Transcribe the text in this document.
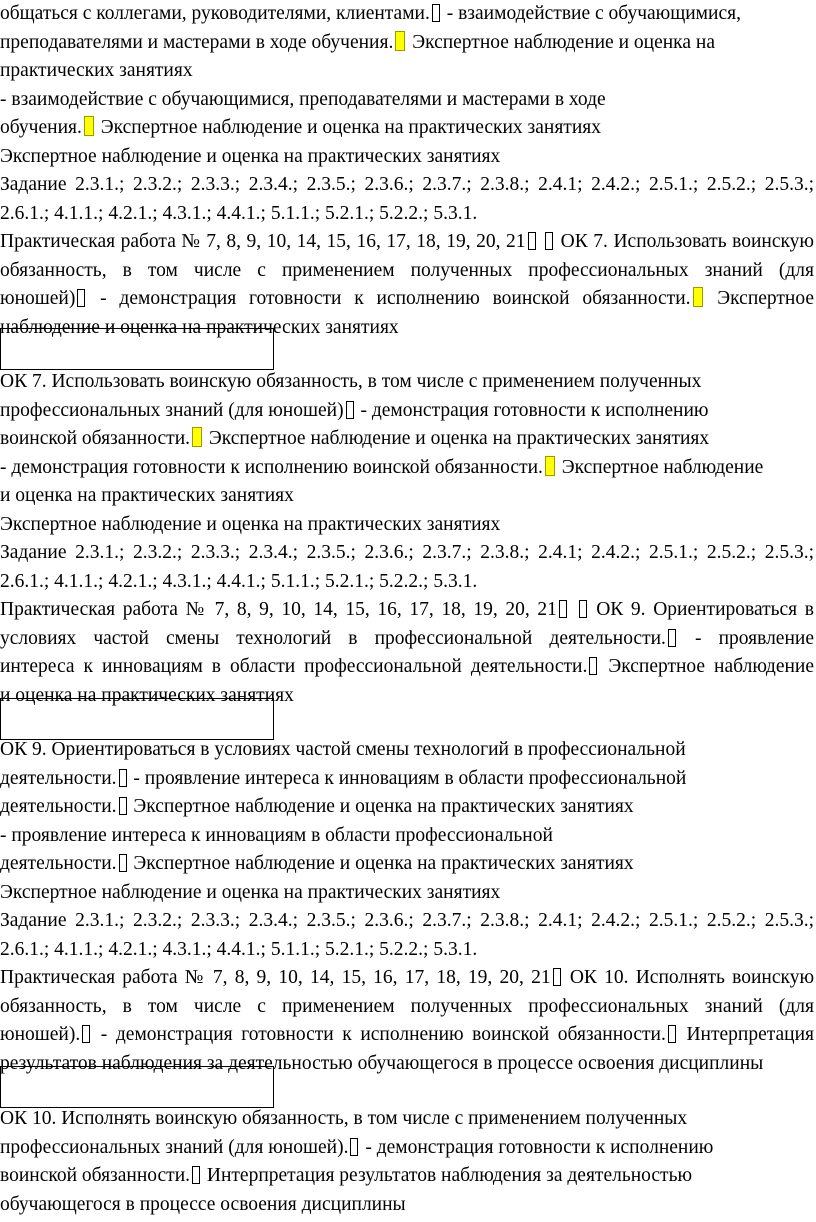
общаться с коллегами, руководителями, клиентами. - взаимодействие с обучающимися,
преподавателями и мастерами в ходе обучения. Экспертное наблюдение и оценка на
практических занятиях
- взаимодействие с обучающимися, преподавателями и мастерами в ходе
обучения. Экспертное наблюдение и оценка на практических занятиях
Экспертное наблюдение и оценка на практических занятиях
Задание 2.3.1.; 2.3.2.; 2.3.3.; 2.3.4.; 2.3.5.; 2.3.6.; 2.3.7.; 2.3.8.; 2.4.1; 2.4.2.; 2.5.1.; 2.5.2.; 2.5.3.;
2.6.1.; 4.1.1.; 4.2.1.; 4.3.1.; 4.4.1.; 5.1.1.; 5.2.1.; 5.2.2.; 5.3.1.
Практическая работа № 7, 8, 9, 10, 14, 15, 16, 17, 18, 19, 20, 21  ОК 7. Использовать воинскую
обязанность, в том числе с применением полученных профессиональных знаний (для
юношей) - демонстрация готовности к исполнению воинской обязанности. Экспертное
наблюдение и оценка на практических занятиях
ОК 7. Использовать воинскую обязанность, в том числе с применением полученных
профессиональных знаний (для юношей) - демонстрация готовности к исполнению
воинской обязанности. Экспертное наблюдение и оценка на практических занятиях
- демонстрация готовности к исполнению воинской обязанности. Экспертное наблюдение
и оценка на практических занятиях
Экспертное наблюдение и оценка на практических занятиях
Задание 2.3.1.; 2.3.2.; 2.3.3.; 2.3.4.; 2.3.5.; 2.3.6.; 2.3.7.; 2.3.8.; 2.4.1; 2.4.2.; 2.5.1.; 2.5.2.; 2.5.3.;
2.6.1.; 4.1.1.; 4.2.1.; 4.3.1.; 4.4.1.; 5.1.1.; 5.2.1.; 5.2.2.; 5.3.1.
Практическая работа № 7, 8, 9, 10, 14, 15, 16, 17, 18, 19, 20, 21  ОК 9. Ориентироваться в
условиях частой смены технологий в профессиональной деятельности. - проявление
интереса к инновациям в области профессиональной деятельности. Экспертное наблюдение
и оценка на практических занятиях
ОК 9. Ориентироваться в условиях частой смены технологий в профессиональной
деятельности. - проявление интереса к инновациям в области профессиональной
деятельности. Экспертное наблюдение и оценка на практических занятиях
- проявление интереса к инновациям в области профессиональной
деятельности. Экспертное наблюдение и оценка на практических занятиях
Экспертное наблюдение и оценка на практических занятиях
Задание 2.3.1.; 2.3.2.; 2.3.3.; 2.3.4.; 2.3.5.; 2.3.6.; 2.3.7.; 2.3.8.; 2.4.1; 2.4.2.; 2.5.1.; 2.5.2.; 2.5.3.;
2.6.1.; 4.1.1.; 4.2.1.; 4.3.1.; 4.4.1.; 5.1.1.; 5.2.1.; 5.2.2.; 5.3.1.
Практическая работа № 7, 8, 9, 10, 14, 15, 16, 17, 18, 19, 20, 21 ОК 10. Исполнять воинскую
обязанность, в том числе с применением полученных профессиональных знаний (для
юношей). - демонстрация готовности к исполнению воинской обязанности. Интерпретация
результатов наблюдения за деятельностью обучающегося в процессе освоения дисциплины
ОК 10. Исполнять воинскую обязанность, в том числе с применением полученных
профессиональных знаний (для юношей). - демонстрация готовности к исполнению
воинской обязанности. Интерпретация результатов наблюдения за деятельностью
обучающегося в процессе освоения дисциплины
